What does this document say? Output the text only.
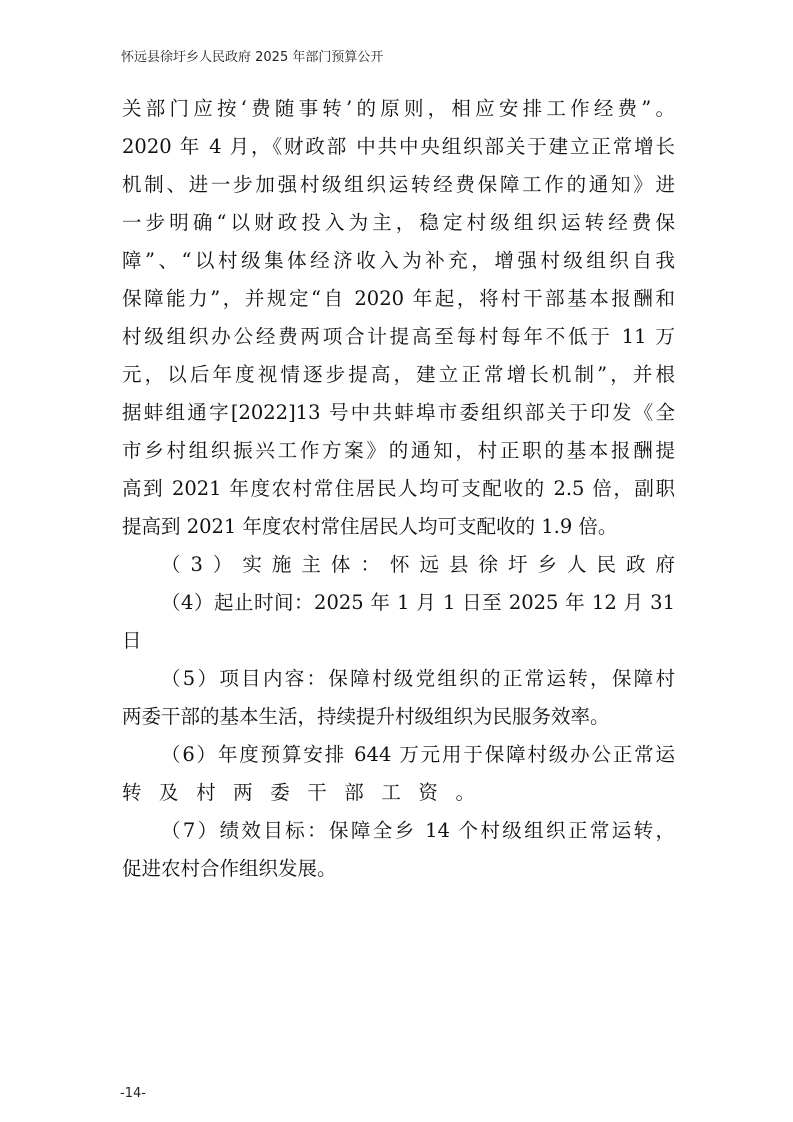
怀远县徐圩乡人民政府 2025 年部门预算公开
关部门应按‘费随事转’的原则，相应安排工作经费”。
2020 年 4 月，《财政部 中共中央组织部关于建立正常增长
机制、进一步加强村级组织运转经费保障工作的通知》进
一步明确“以财政投入为主，稳定村级组织运转经费保
障”、“以村级集体经济收入为补充，增强村级组织自我
保障能力”，并规定“自 2020 年起，将村干部基本报酬和
村级组织办公经费两项合计提高至每村每年不低于 11 万
元，以后年度视情逐步提高，建立正常增长机制”，并根
据蚌组通字[2022]13 号中共蚌埠市委组织部关于印发《全
市乡村组织振兴工作方案》的通知，村正职的基本报酬提
高到 2021 年度农村常住居民人均可支配收的 2.5 倍，副职
提高到 2021 年度农村常住居民人均可支配收的 1.9 倍。
（3）实施主体：怀远县徐圩乡人民政府
（4）起止时间：2025 年 1 月 1 日至 2025 年 12 月 31
日
（5）项目内容：保障村级党组织的正常运转，保障村
两委干部的基本生活，持续提升村级组织为民服务效率。
（6）年度预算安排 644 万元用于保障村级办公正常运
转及村两委干部工资。
（7）绩效目标：保障全乡 14 个村级组织正常运转，
促进农村合作组织发展。
-14-
